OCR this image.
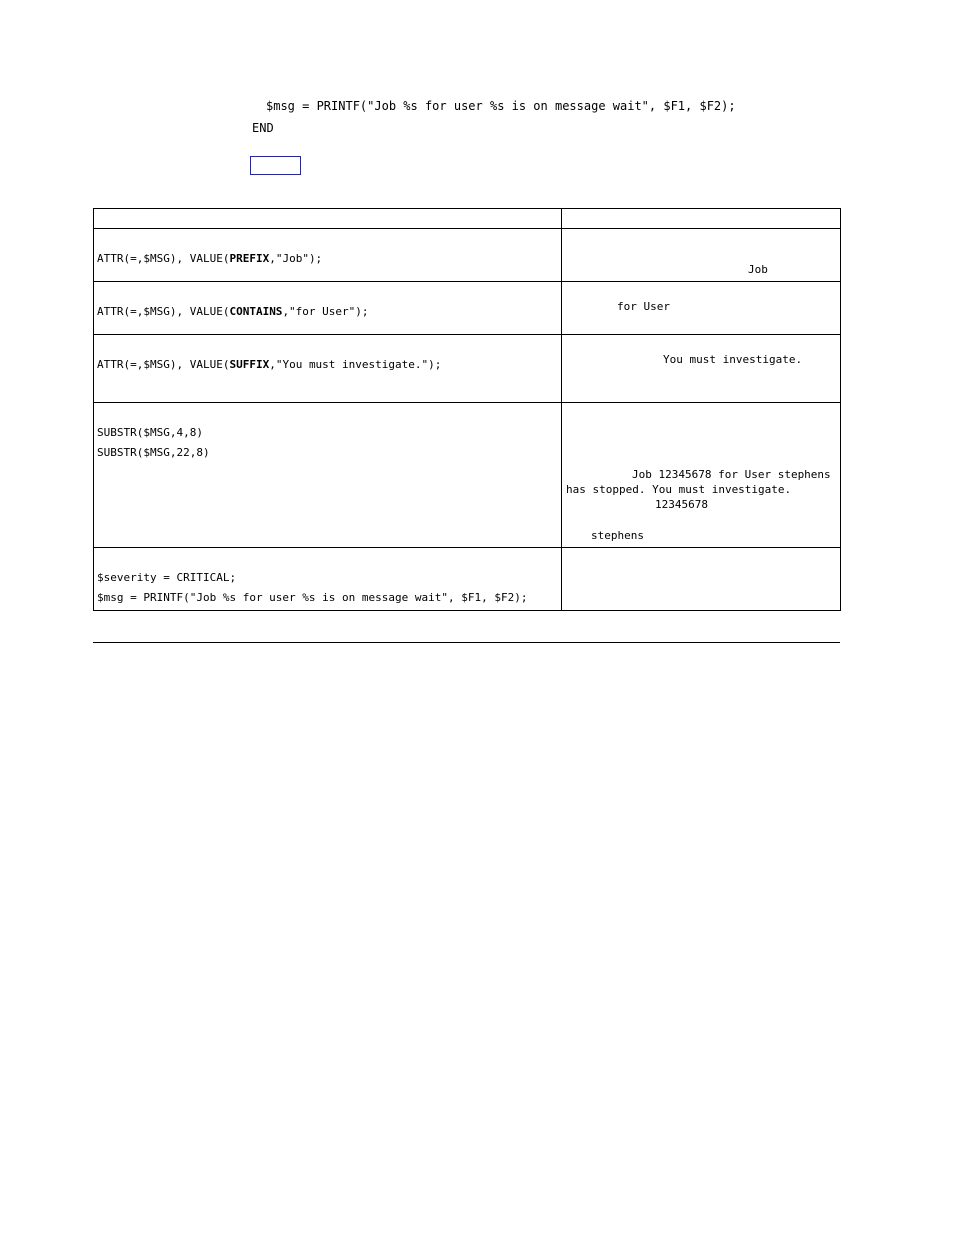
$msg = PRINTF("Job %s for user %s is on message wait", $F1, $F2);
END

ATTR(=,$MSG), VALUE(PREFIX,"Job");	Job

ATTR(=,$MSG), VALUE(CONTAINS,"for User");	for User

ATTR(=,$MSG), VALUE(SUFFIX,"You must investigate.");	You must investigate.

SUBSTR($MSG,4,8)
SUBSTR($MSG,22,8)	Job 12345678 for User stephens
has stopped. You must investigate.
12345678
stephens

$severity = CRITICAL;
$msg = PRINTF("Job %s for user %s is on message wait", $F1, $F2);	
